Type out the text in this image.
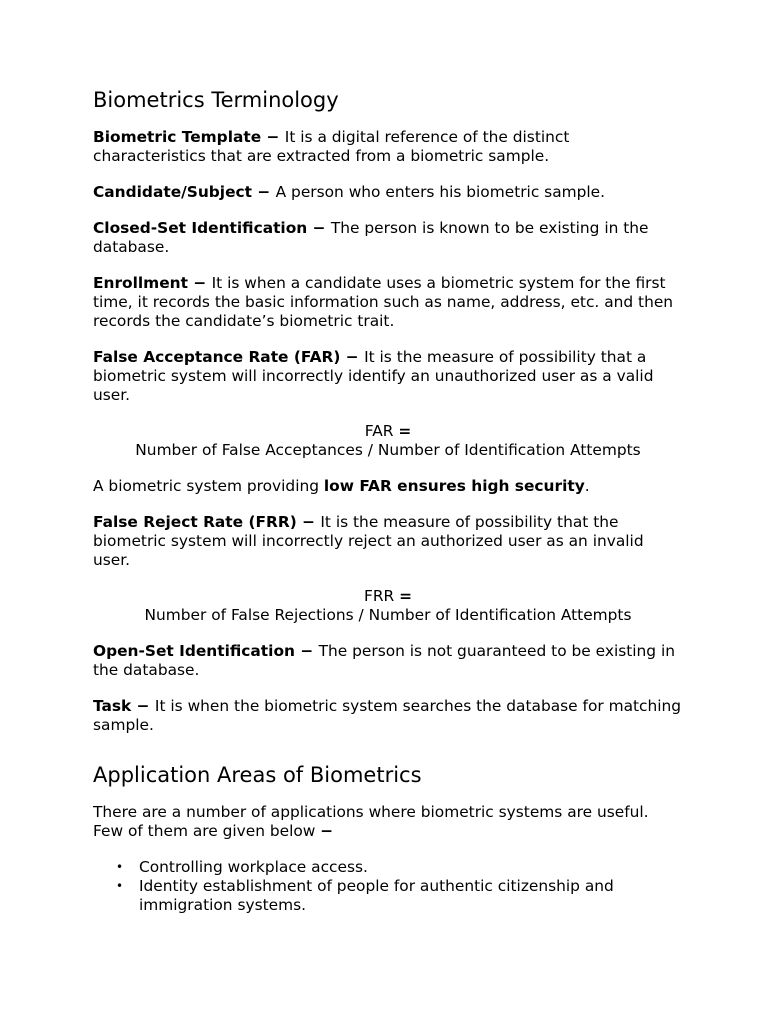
Biometrics Terminology

Biometric Template − It is a digital reference of the distinct characteristics that are extracted from a biometric sample.

Candidate/Subject − A person who enters his biometric sample.

Closed-Set Identification − The person is known to be existing in the database.

Enrollment − It is when a candidate uses a biometric system for the first time, it records the basic information such as name, address, etc. and then records the candidate’s biometric trait.

False Acceptance Rate (FAR) − It is the measure of possibility that a biometric system will incorrectly identify an unauthorized user as a valid user.

FAR =
Number of False Acceptances / Number of Identification Attempts

A biometric system providing low FAR ensures high security.

False Reject Rate (FRR) − It is the measure of possibility that the biometric system will incorrectly reject an authorized user as an invalid user.

FRR =
Number of False Rejections / Number of Identification Attempts

Open-Set Identification − The person is not guaranteed to be existing in the database.

Task − It is when the biometric system searches the database for matching sample.

Application Areas of Biometrics

There are a number of applications where biometric systems are useful. Few of them are given below −

• Controlling workplace access.
• Identity establishment of people for authentic citizenship and immigration systems.
